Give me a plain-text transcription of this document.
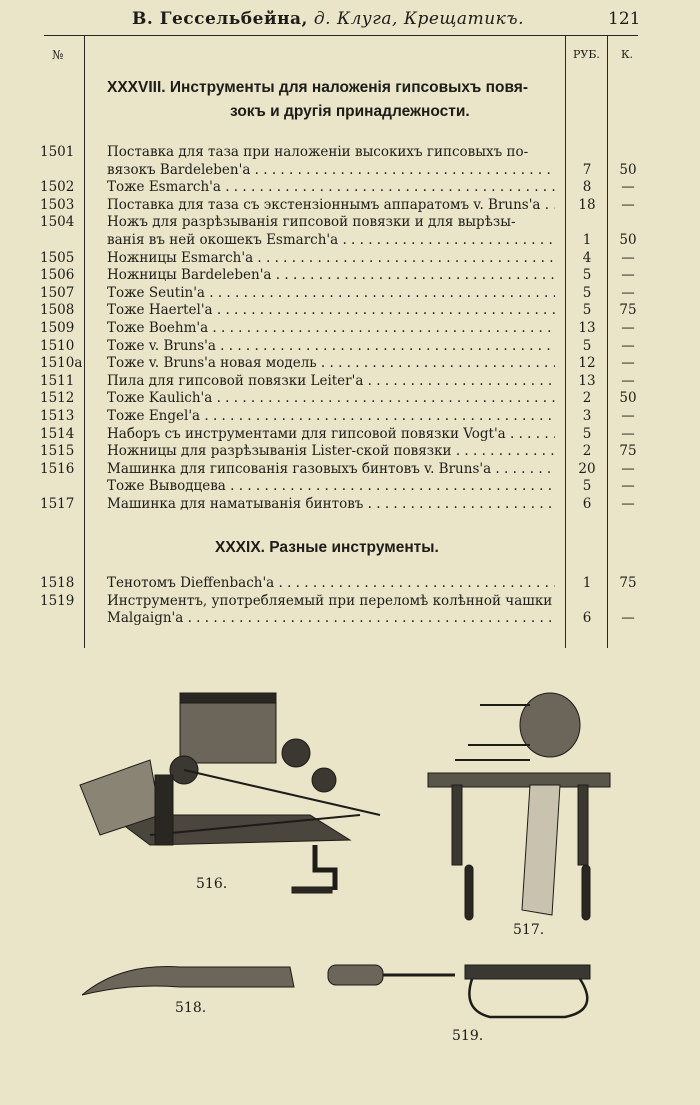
В. Гессельбейна, д. Клуга, Крещатикъ.	121
№	РУБ. К.
XXXVIII. Инструменты для наложенія гипсовыхъ повя-
зокъ и другія принадлежности.
1501	Поставка для таза при наложеніи высокихъ гипсовыхъ по-
вязокъ Bardeleben'a . . .	7	50
1502	Тоже Esmarch'a . . .	8	—
1503	Поставка для таза съ экстензіоннымъ аппаратомъ v. Bruns'a . . .	18	—
1504	Ножъ для разрѣзыванія гипсовой повязки и для вырѣзы-
ванія въ ней окошекъ Esmarch'a . . .	1	50
1505	Ножницы Esmarch'a . . .	4	—
1506	Ножницы Bardeleben'a . . .	5	—
1507	Тоже Seutin'a . . .	5	—
1508	Тоже Haertel'a . . .	5	75
1509	Тоже Boehm'a . . .	13	—
1510	Тоже v. Bruns'a . . .	5	—
1510a	Тоже v. Bruns'a новая модель . . .	12	—
1511	Пила для гипсовой повязки Leiter'a . . .	13	—
1512	Тоже Kaulich'a . . .	2	50
1513	Тоже Engel'a . . .	3	—
1514	Наборъ съ инструментами для гипсовой повязки Vogt'a . . .	5	—
1515	Ножницы для разрѣзыванія Lister-ской повязки . . .	2	75
1516	Машинка для гипсованія газовыхъ бинтовъ v. Bruns'a . . .	20	—
Тоже Выводцева . . .	5	—
1517	Машинка для наматыванія бинтовъ . . .	6	—
XXXIX. Разные инструменты.
1518	Тенотомъ Dieffenbach'a . . .	1	75
1519	Инструментъ, употребляемый при переломѣ колѣнной чашки
Malgaign'a . . .	6	—
516.
517.
518.
519.
